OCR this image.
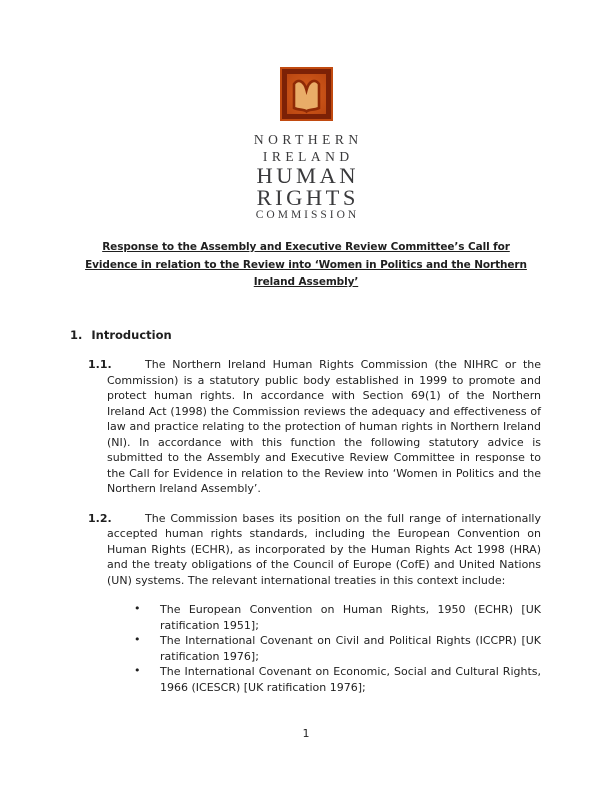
NORTHERN
IRELAND
HUMAN
RIGHTS
COMMISSION
Response to the Assembly and Executive Review Committee’s Call for
Evidence in relation to the Review into ‘Women in Politics and the Northern
Ireland Assembly’
1. Introduction
1.1.	The Northern Ireland Human Rights Commission (the NIHRC or the Commission) is a statutory public body established in 1999 to promote and protect human rights. In accordance with Section 69(1) of the Northern Ireland Act (1998) the Commission reviews the adequacy and effectiveness of law and practice relating to the protection of human rights in Northern Ireland (NI). In accordance with this function the following statutory advice is submitted to the Assembly and Executive Review Committee in response to the Call for Evidence in relation to the Review into ‘Women in Politics and the Northern Ireland Assembly’.

1.2.	The Commission bases its position on the full range of internationally accepted human rights standards, including the European Convention on Human Rights (ECHR), as incorporated by the Human Rights Act 1998 (HRA) and the treaty obligations of the Council of Europe (CofE) and United Nations (UN) systems. The relevant international treaties in this context include:

• The European Convention on Human Rights, 1950 (ECHR) [UK ratification 1951];
• The International Covenant on Civil and Political Rights (ICCPR) [UK ratification 1976];
• The International Covenant on Economic, Social and Cultural Rights, 1966 (ICESCR) [UK ratification 1976];
1
